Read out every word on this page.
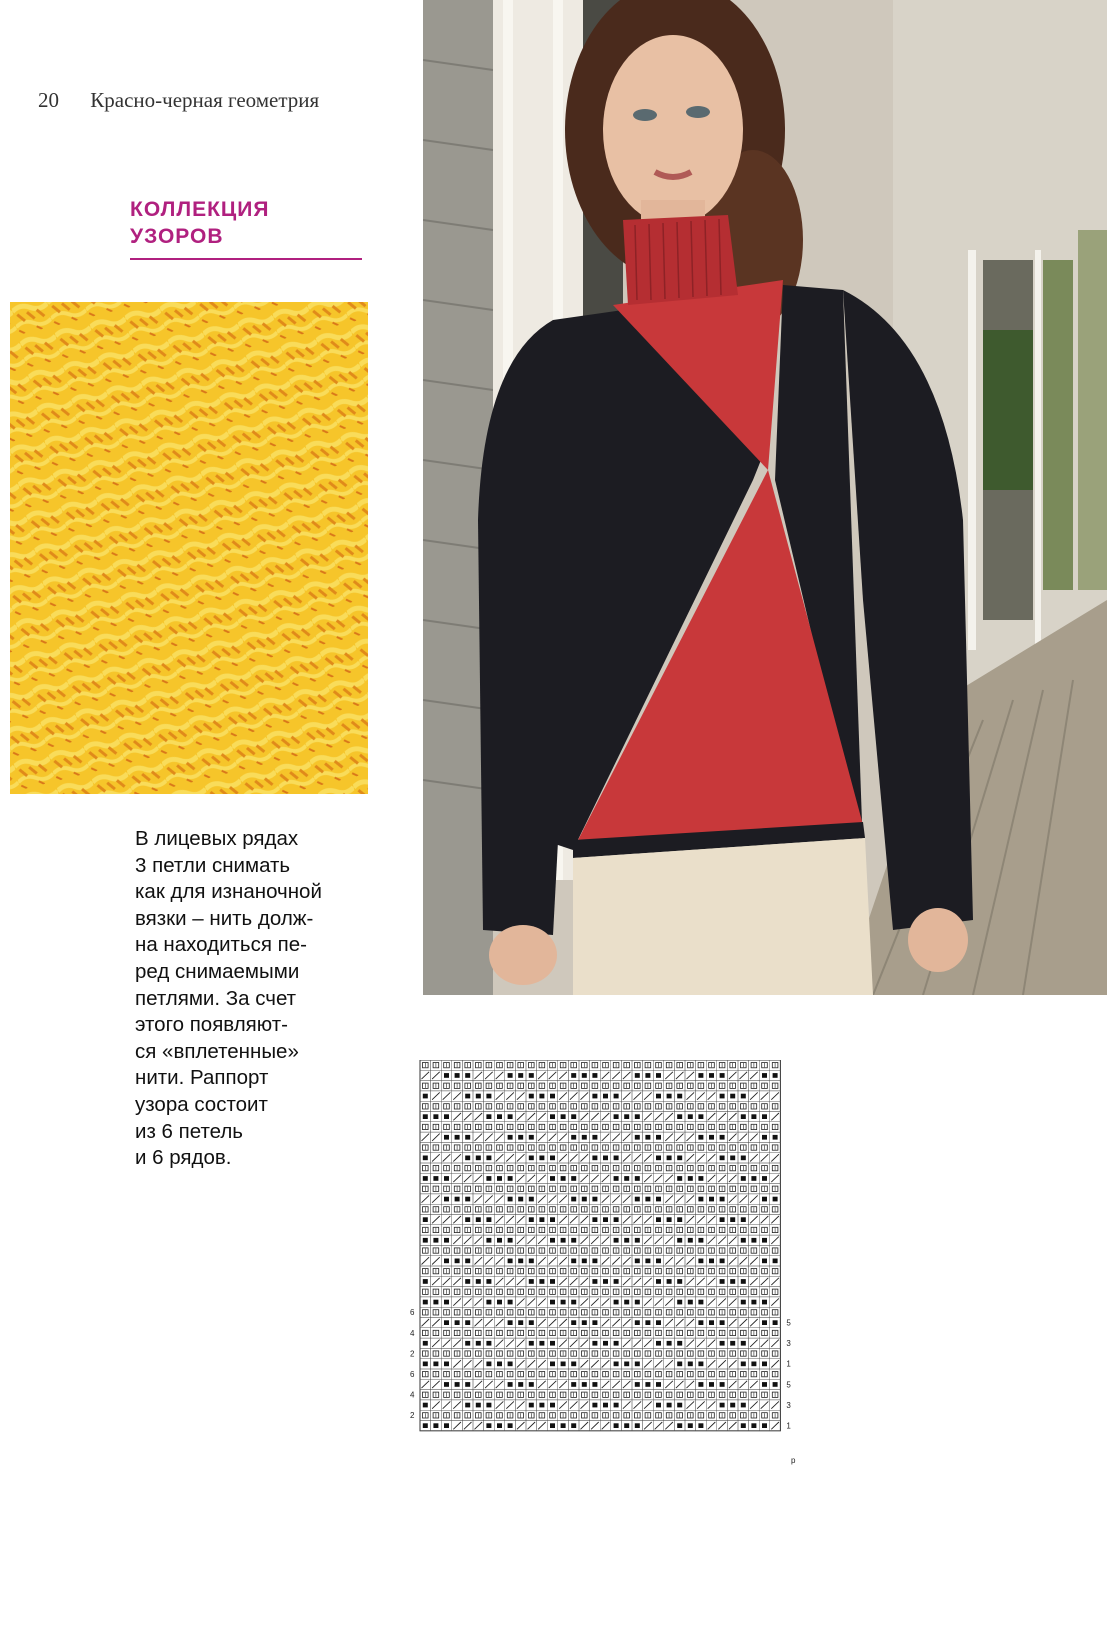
20 Красно-черная геометрия
КОЛЛЕКЦИЯ
УЗОРОВ
В лицевых рядах
3 петли снимать
как для изнаночной
вязки – нить долж-
на находиться пе-
ред снимаемыми
петлями. За счет
этого появляют-
ся «вплетенные»
нити. Раппорт
узора состоит
из 6 петель
и 6 рядов.
6
4
2
6
4
2
5
3
1
5
3
1
р
